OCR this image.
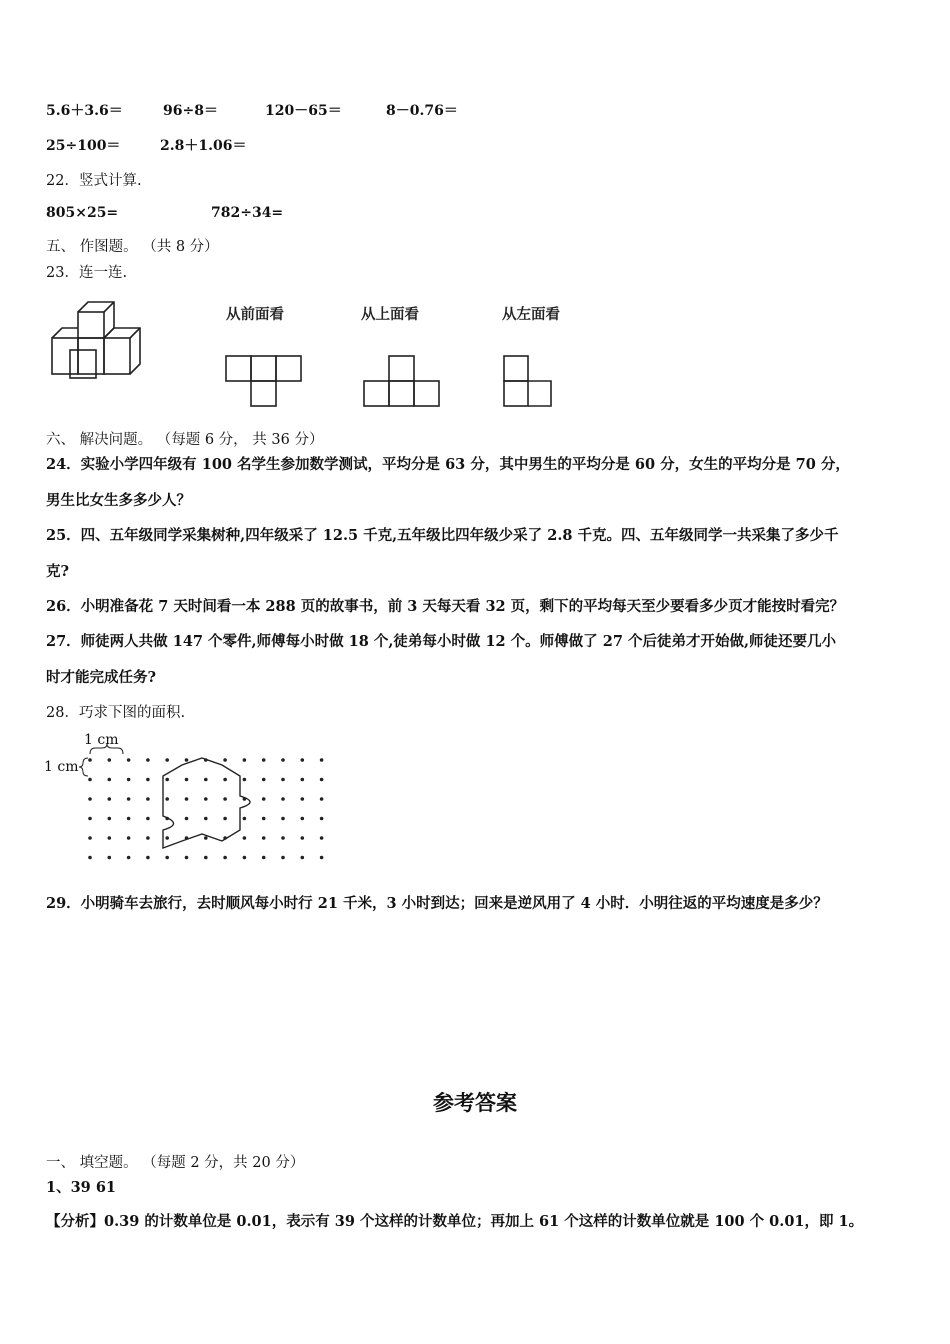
5.6＋3.6＝	96÷8＝	120－65＝	8－0.76＝
25÷100＝	2.8＋1.06＝
22．竖式计算.
805×25=	782÷34=
五、 作图题。 （共 8 分）
23．连一连.
从前面看	从上面看	从左面看
六、 解决问题。 （每题 6 分， 共 36 分）
24．实验小学四年级有 100 名学生参加数学测试，平均分是 63 分，其中男生的平均分是 60 分，女生的平均分是 70 分，
男生比女生多多少人？
25．四、五年级同学采集树种,四年级采了 12.5 千克,五年级比四年级少采了 2.8 千克。四、五年级同学一共采集了多少千
克?
26．小明准备花 7 天时间看一本 288 页的故事书，前 3 天每天看 32 页，剩下的平均每天至少要看多少页才能按时看完？
27．师徒两人共做 147 个零件,师傅每小时做 18 个,徒弟每小时做 12 个。师傅做了 27 个后徒弟才开始做,师徒还要几小
时才能完成任务?
28．巧求下图的面积.
1 cm
1 cm
29．小明骑车去旅行，去时顺风每小时行 21 千米，3 小时到达；回来是逆风用了 4 小时．小明往返的平均速度是多少？
参考答案
一、 填空题。 （每题 2 分，共 20 分）
1、39 61
【分析】0.39 的计数单位是 0.01，表示有 39 个这样的计数单位；再加上 61 个这样的计数单位就是 100 个 0.01，即 1。
